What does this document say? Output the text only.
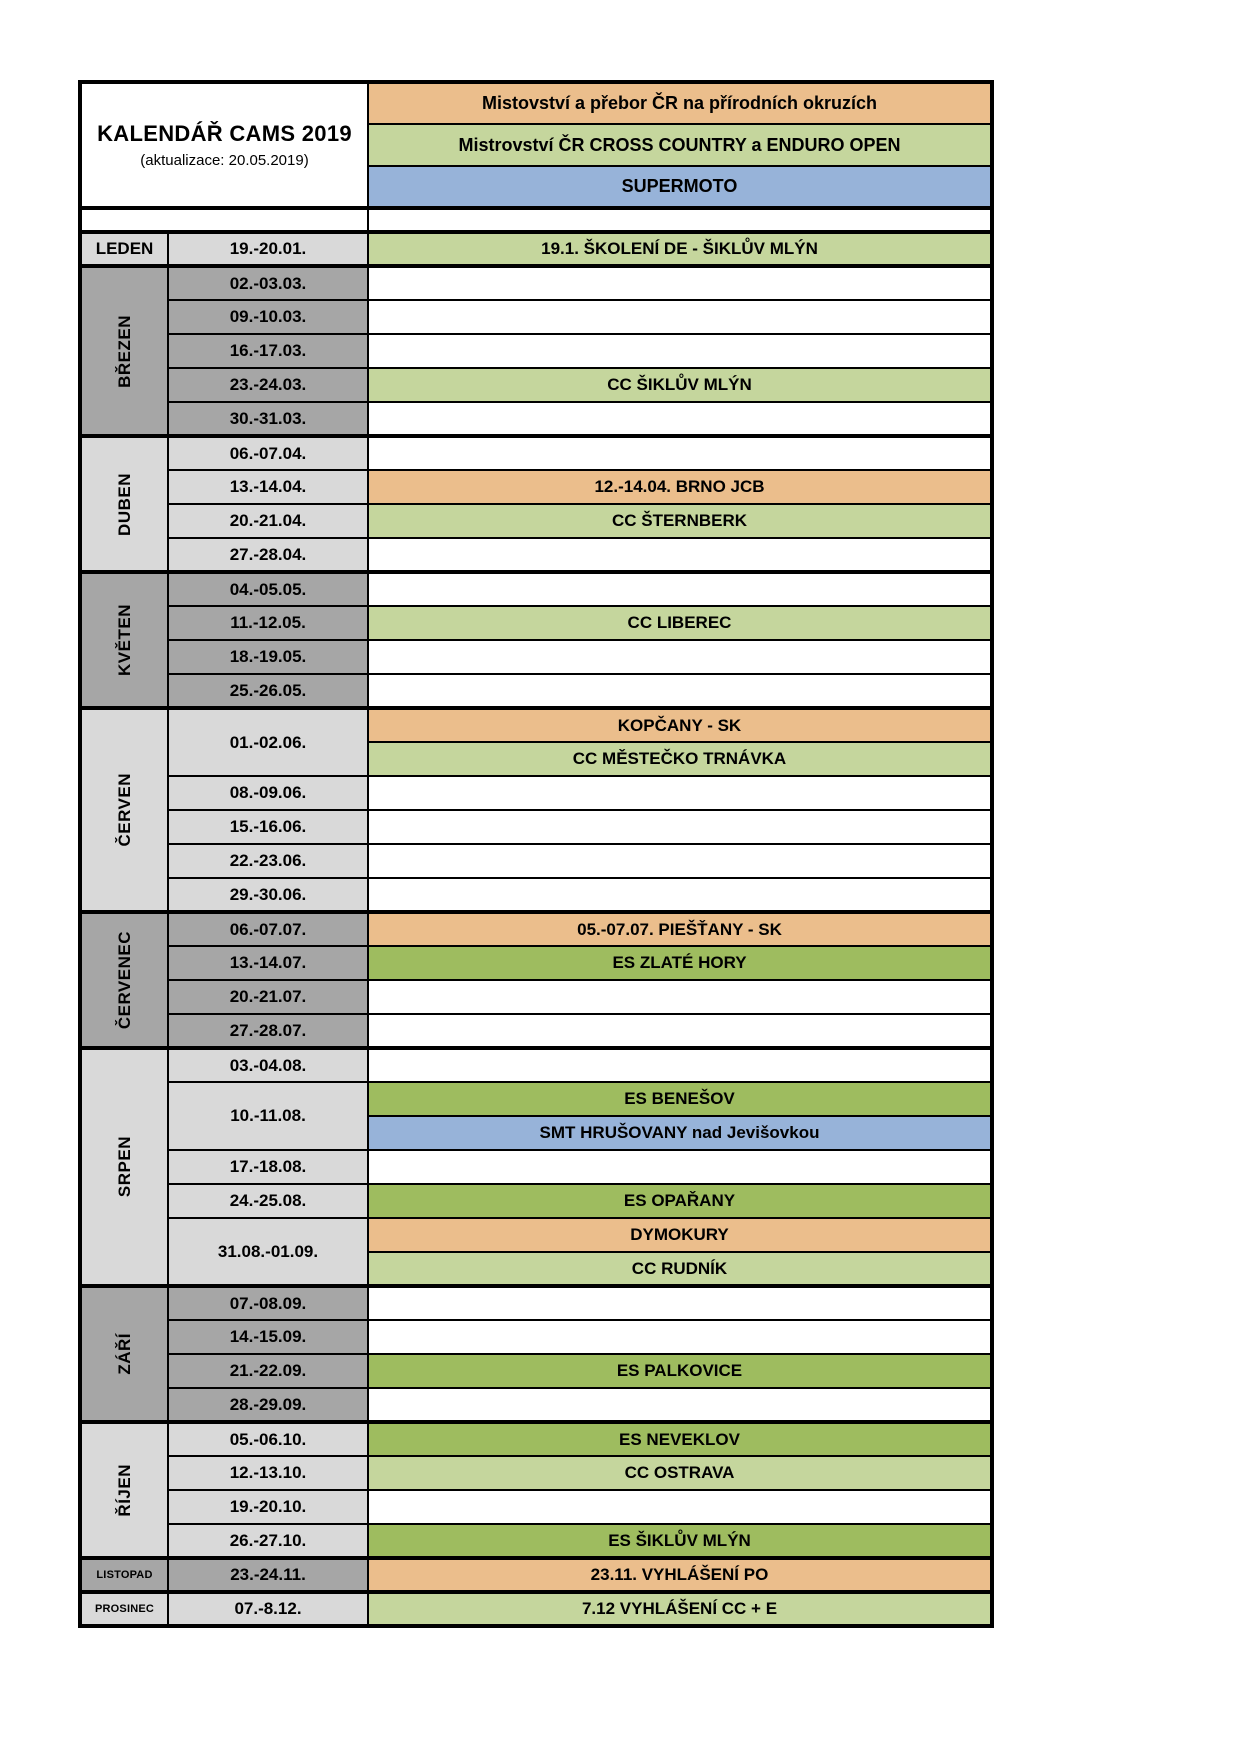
KALENDÁŘ CAMS 2019
(aktualizace: 20.05.2019)		Mistovství a přebor ČR na přírodních okruzích
		Mistrovství ČR CROSS COUNTRY a ENDURO OPEN
		SUPERMOTO

LEDEN	19.-20.01.	19.1. ŠKOLENÍ DE - ŠIKLŮV MLÝN

BŘEZEN	02.-03.03.	
	09.-10.03.	
	16.-17.03.	
	23.-24.03.	CC ŠIKLŮV MLÝN
	30.-31.03.	

DUBEN	06.-07.04.	
	13.-14.04.	12.-14.04. BRNO JCB
	20.-21.04.	CC ŠTERNBERK
	27.-28.04.	

KVĚTEN	04.-05.05.	
	11.-12.05.	CC LIBEREC
	18.-19.05.	
	25.-26.05.	

ČERVEN	01.-02.06.	KOPČANY - SK
		CC MĚSTEČKO TRNÁVKA
	08.-09.06.	
	15.-16.06.	
	22.-23.06.	
	29.-30.06.	

ČERVENEC	06.-07.07.	05.-07.07. PIEŠŤANY - SK
	13.-14.07.	ES ZLATÉ HORY
	20.-21.07.	
	27.-28.07.	

SRPEN	03.-04.08.	
	10.-11.08.	ES BENEŠOV
		SMT HRUŠOVANY nad Jevišovkou
	17.-18.08.	
	24.-25.08.	ES OPAŘANY
	31.08.-01.09.	DYMOKURY
		CC RUDNÍK

ZÁŘÍ	07.-08.09.	
	14.-15.09.	
	21.-22.09.	ES PALKOVICE
	28.-29.09.	

ŘÍJEN	05.-06.10.	ES NEVEKLOV
	12.-13.10.	CC OSTRAVA
	19.-20.10.	
	26.-27.10.	ES ŠIKLŮV MLÝN

LISTOPAD	23.-24.11.	23.11. VYHLÁŠENÍ PO

PROSINEC	07.-8.12.	7.12 VYHLÁŠENÍ CC + E
